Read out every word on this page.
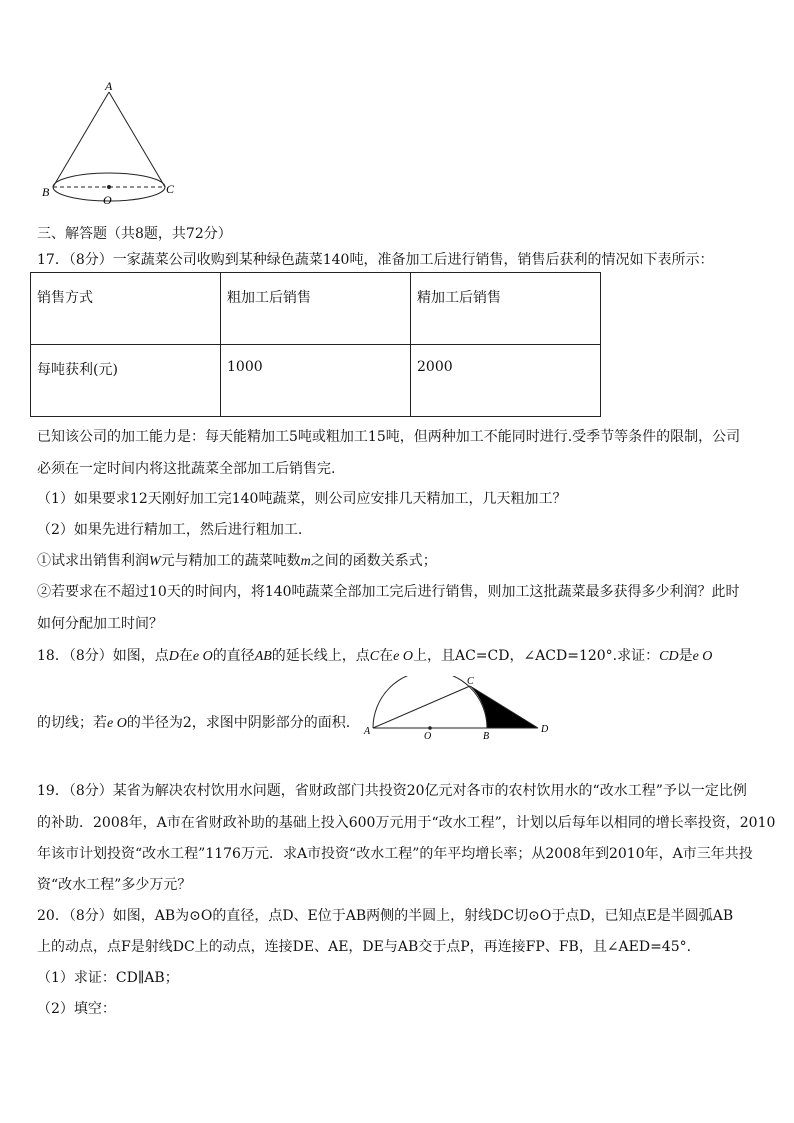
A
B	C
O
三、解答题（共8题，共72分）
17．（8分）一家蔬菜公司收购到某种绿色蔬菜140吨，准备加工后进行销售，销售后获利的情况如下表所示：
销售方式	粗加工后销售	精加工后销售
每吨获利(元)	1000	2000
已知该公司的加工能力是：每天能精加工5吨或粗加工15吨，但两种加工不能同时进行.受季节等条件的限制，公司
必须在一定时间内将这批蔬菜全部加工后销售完.
（1）如果要求12天刚好加工完140吨蔬菜，则公司应安排几天精加工，几天粗加工？
（2）如果先进行精加工，然后进行粗加工.
①试求出销售利润W元与精加工的蔬菜吨数m之间的函数关系式；
②若要求在不超过10天的时间内，将140吨蔬菜全部加工完后进行销售，则加工这批蔬菜最多获得多少利润？此时
如何分配加工时间？
18．（8分）如图，点D在e O的直径AB的延长线上，点C在e O上，且AC=CD，∠ACD=120°.求证：CD是e O
的切线；若e O的半径为2，求图中阴影部分的面积.
A	O	B
C
D
19．（8分）某省为解决农村饮用水问题，省财政部门共投资20亿元对各市的农村饮用水的“改水工程”予以一定比例
的补助．2008年，A市在省财政补助的基础上投入600万元用于“改水工程”，计划以后每年以相同的增长率投资，2010
年该市计划投资“改水工程”1176万元．求A市投资“改水工程”的年平均增长率；从2008年到2010年，A市三年共投
资“改水工程”多少万元？
20．（8分）如图，AB为⊙O的直径，点D、E位于AB两侧的半圆上，射线DC切⊙O于点D，已知点E是半圆弧AB
上的动点，点F是射线DC上的动点，连接DE、AE，DE与AB交于点P，再连接FP、FB，且∠AED=45°.
（1）求证：CD∥AB；
（2）填空：
